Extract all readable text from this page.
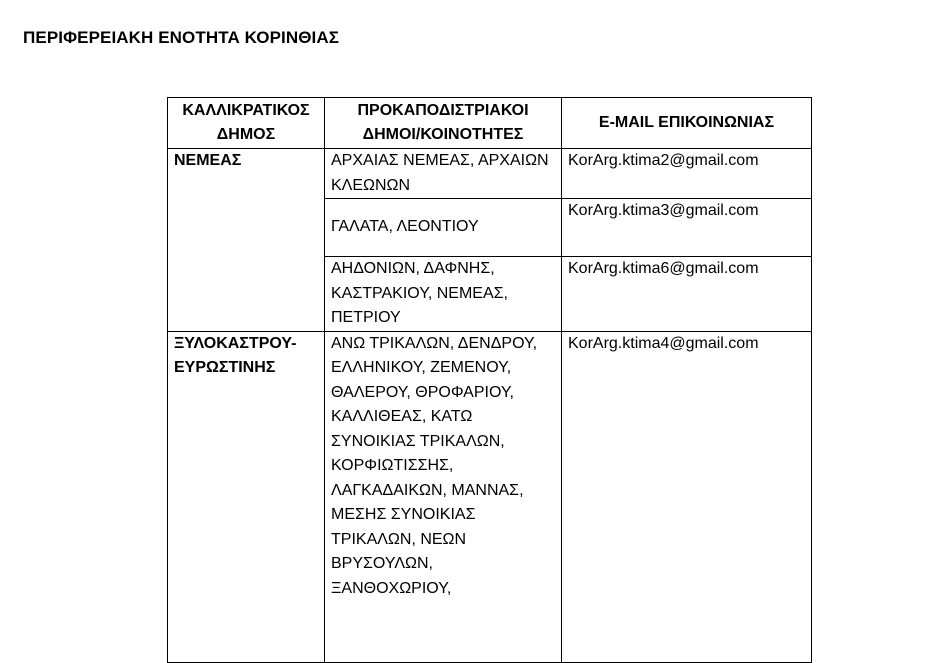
ΠΕΡΙΦΕΡΕΙΑΚΗ ΕΝΟΤΗΤΑ ΚΟΡΙΝΘΙΑΣ
ΚΑΛΛΙΚΡΑΤΙΚΟΣ ΔΗΜΟΣ	ΠΡΟΚΑΠΟΔΙΣΤΡΙΑΚΟΙ ΔΗΜΟΙ/ΚΟΙΝΟΤΗΤΕΣ	E-MAIL ΕΠΙΚΟΙΝΩΝΙΑΣ
ΝΕΜΕΑΣ	ΑΡΧΑΙΑΣ ΝΕΜΕΑΣ, ΑΡΧΑΙΩΝ ΚΛΕΩΝΩΝ	KorArg.ktima2@gmail.com
	ΓΑΛΑΤΑ, ΛΕΟΝΤΙΟΥ	KorArg.ktima3@gmail.com
	ΑΗΔΟΝΙΩΝ, ΔΑΦΝΗΣ, ΚΑΣΤΡΑΚΙΟΥ, ΝΕΜΕΑΣ, ΠΕΤΡΙΟΥ	KorArg.ktima6@gmail.com
ΞΥΛΟΚΑΣΤΡΟΥ-ΕΥΡΩΣΤΙΝΗΣ	ΑΝΩ ΤΡΙΚΑΛΩΝ, ΔΕΝΔΡΟΥ, ΕΛΛΗΝΙΚΟΥ, ΖΕΜΕΝΟΥ, ΘΑΛΕΡΟΥ, ΘΡΟΦΑΡΙΟΥ, ΚΑΛΛΙΘΕΑΣ, ΚΑΤΩ ΣΥΝΟΙΚΙΑΣ ΤΡΙΚΑΛΩΝ, ΚΟΡΦΙΩΤΙΣΣΗΣ, ΛΑΓΚΑΔΑΙΚΩΝ, ΜΑΝΝΑΣ, ΜΕΣΗΣ ΣΥΝΟΙΚΙΑΣ ΤΡΙΚΑΛΩΝ, ΝΕΩΝ ΒΡΥΣΟΥΛΩΝ, ΞΑΝΘΟΧΩΡΙΟΥ,	KorArg.ktima4@gmail.com
